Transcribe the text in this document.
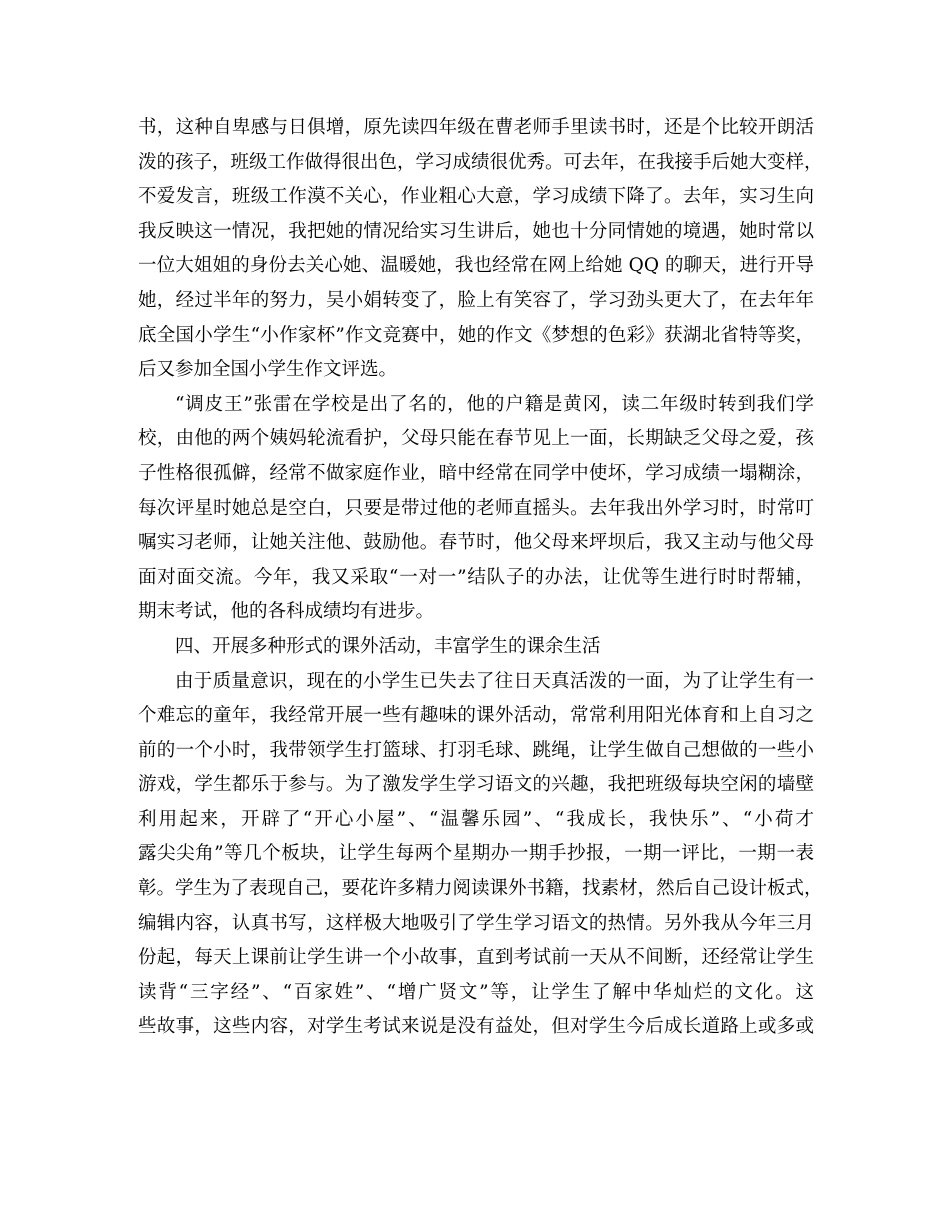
书，这种自卑感与日俱增，原先读四年级在曹老师手里读书时，还是个比较开朗活
泼的孩子，班级工作做得很出色，学习成绩很优秀。可去年，在我接手后她大变样，
不爱发言，班级工作漠不关心，作业粗心大意，学习成绩下降了。去年，实习生向
我反映这一情况，我把她的情况给实习生讲后，她也十分同情她的境遇，她时常以
一位大姐姐的身份去关心她、温暖她，我也经常在网上给她 QQ 的聊天，进行开导
她，经过半年的努力，吴小娟转变了，脸上有笑容了，学习劲头更大了，在去年年
底全国小学生“小作家杯”作文竞赛中，她的作文《梦想的色彩》获湖北省特等奖，
后又参加全国小学生作文评选。
“调皮王”张雷在学校是出了名的，他的户籍是黄冈，读二年级时转到我们学
校，由他的两个姨妈轮流看护，父母只能在春节见上一面，长期缺乏父母之爱，孩
子性格很孤僻，经常不做家庭作业，暗中经常在同学中使坏，学习成绩一塌糊涂，
每次评星时她总是空白，只要是带过他的老师直摇头。去年我出外学习时，时常叮
嘱实习老师，让她关注他、鼓励他。春节时，他父母来坪坝后，我又主动与他父母
面对面交流。今年，我又采取“一对一”结队子的办法，让优等生进行时时帮辅，
期末考试，他的各科成绩均有进步。
四、开展多种形式的课外活动，丰富学生的课余生活
由于质量意识，现在的小学生已失去了往日天真活泼的一面，为了让学生有一
个难忘的童年，我经常开展一些有趣味的课外活动，常常利用阳光体育和上自习之
前的一个小时，我带领学生打篮球、打羽毛球、跳绳，让学生做自己想做的一些小
游戏，学生都乐于参与。为了激发学生学习语文的兴趣，我把班级每块空闲的墙壁
利用起来，开辟了“开心小屋”、“温馨乐园”、“我成长，我快乐”、“小荷才
露尖尖角”等几个板块，让学生每两个星期办一期手抄报，一期一评比，一期一表
彰。学生为了表现自己，要花许多精力阅读课外书籍，找素材，然后自己设计板式，
编辑内容，认真书写，这样极大地吸引了学生学习语文的热情。另外我从今年三月
份起，每天上课前让学生讲一个小故事，直到考试前一天从不间断，还经常让学生
读背“三字经”、“百家姓”、“增广贤文”等，让学生了解中华灿烂的文化。这
些故事，这些内容，对学生考试来说是没有益处，但对学生今后成长道路上或多或
